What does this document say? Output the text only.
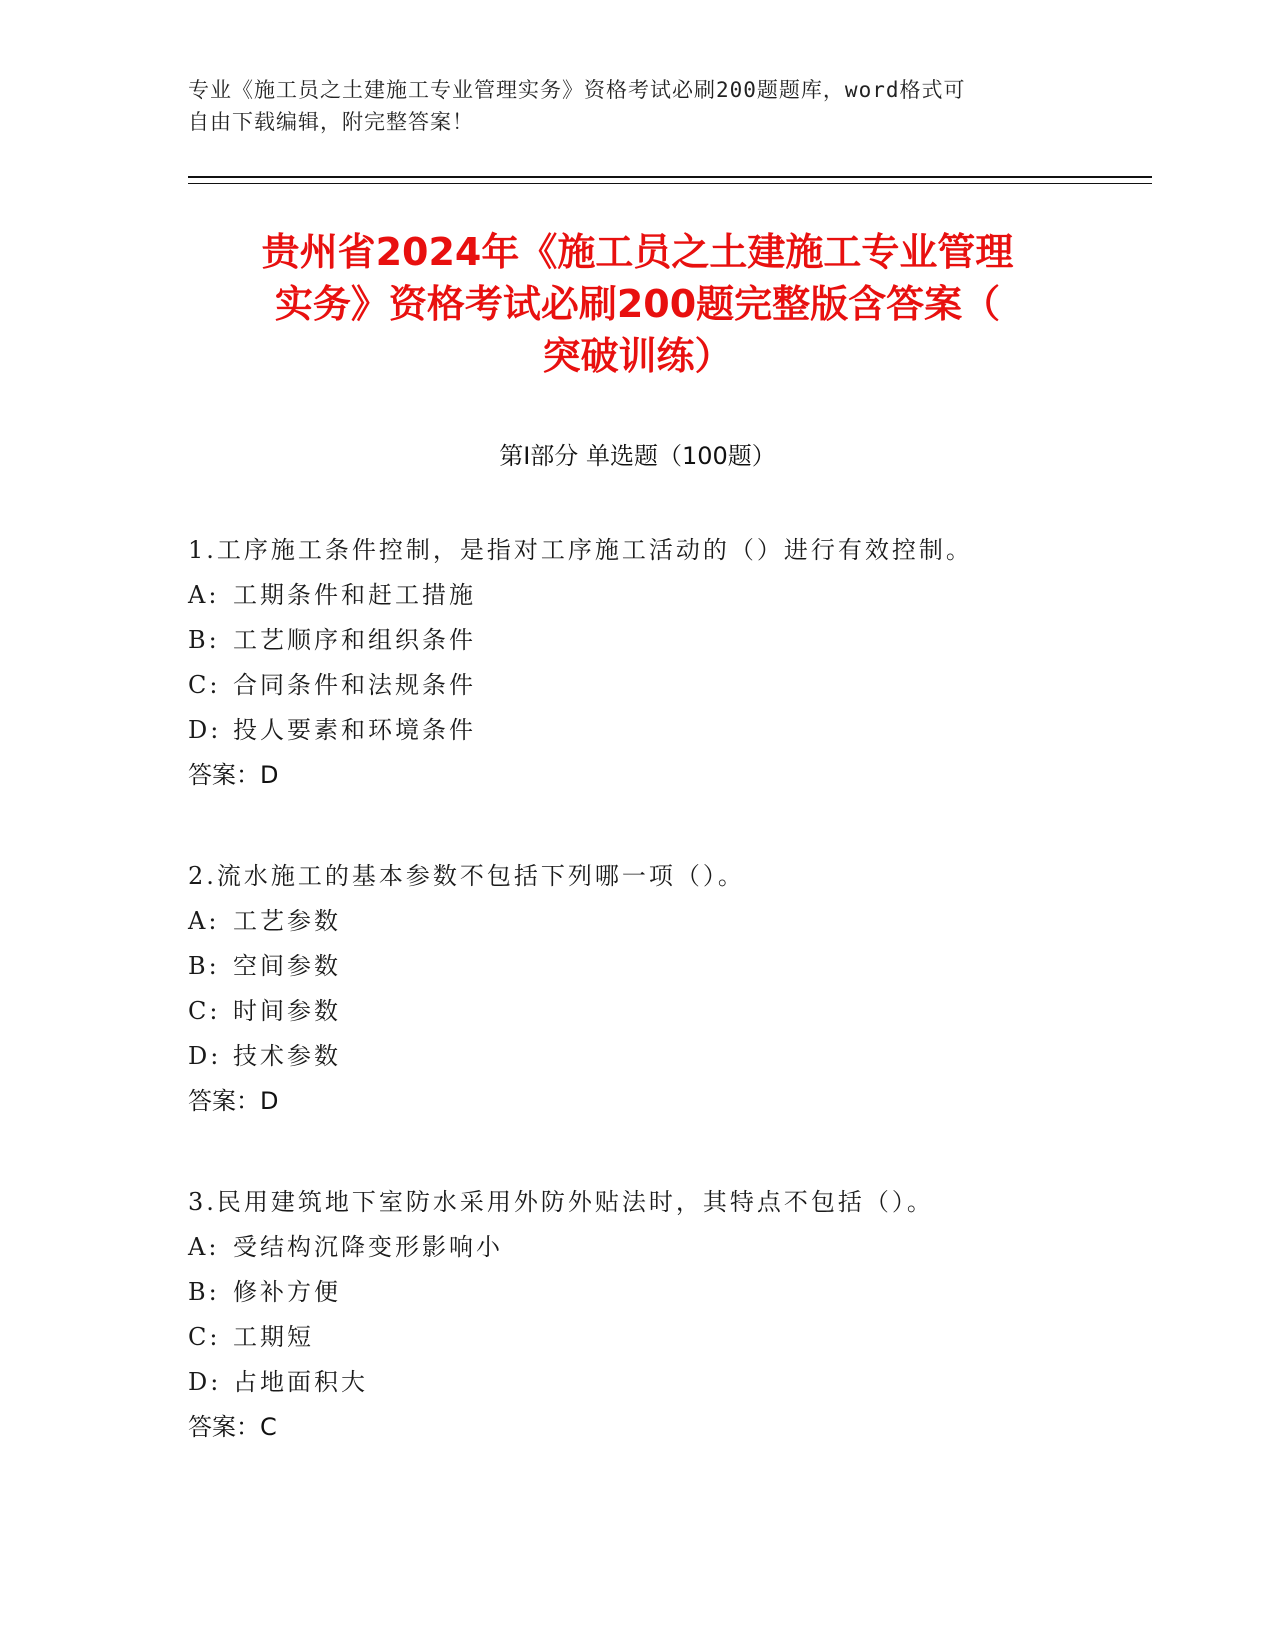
专业《施工员之土建施工专业管理实务》资格考试必刷200题题库，word格式可
自由下载编辑，附完整答案！
贵州省2024年《施工员之土建施工专业管理
实务》资格考试必刷200题完整版含答案（
突破训练）
第Ⅰ部分 单选题（100题）
1.工序施工条件控制，是指对工序施工活动的（）进行有效控制。
A: 工期条件和赶工措施
B: 工艺顺序和组织条件
C: 合同条件和法规条件
D: 投人要素和环境条件
答案：D
2.流水施工的基本参数不包括下列哪一项（）。
A: 工艺参数
B: 空间参数
C: 时间参数
D: 技术参数
答案：D
3.民用建筑地下室防水采用外防外贴法时，其特点不包括（）。
A: 受结构沉降变形影响小
B: 修补方便
C: 工期短
D: 占地面积大
答案：C
